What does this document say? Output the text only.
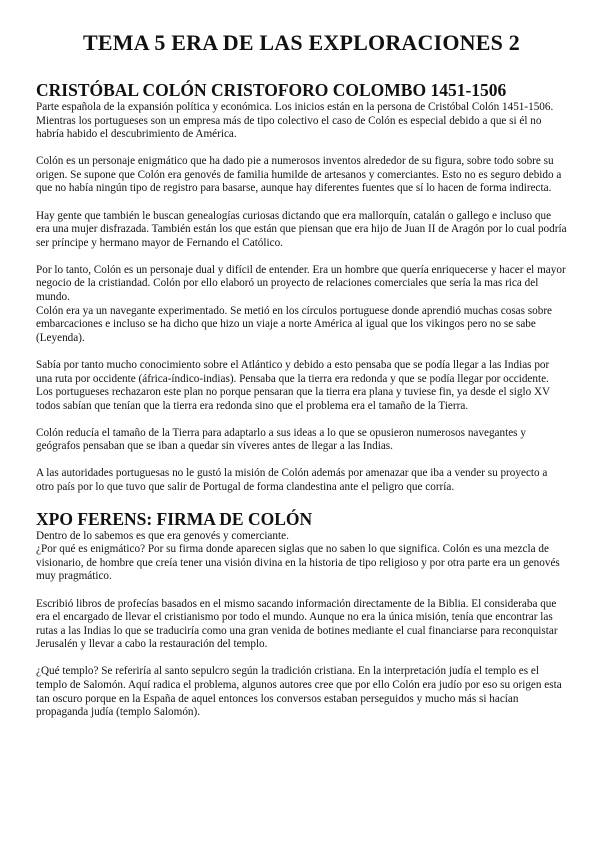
TEMA 5 ERA DE LAS EXPLORACIONES 2
CRISTÓBAL COLÓN CRISTOFORO COLOMBO 1451-1506

Parte española de la expansión política y económica. Los inicios están en la persona de Cristóbal Colón 1451-1506. Mientras los portugueses son un empresa más de tipo colectivo el caso de Colón es especial debido a que si él no habría habido el descubrimiento de América.

Colón es un personaje enigmático que ha dado pie a numerosos inventos alrededor de su figura, sobre todo sobre su origen. Se supone que Colón era genovés de familia humilde de artesanos y comerciantes. Esto no es seguro debido a que no había ningún tipo de registro para basarse, aunque hay diferentes fuentes que sí lo hacen de forma indirecta.

Hay gente que también le buscan genealogías curiosas dictando que era mallorquín, catalán o gallego e incluso que era una mujer disfrazada. También están los que están que piensan que era hijo de Juan II de Aragón por lo cual podría ser príncipe y hermano mayor de Fernando el Católico.

Por lo tanto, Colón es un personaje dual y difícil de entender. Era un hombre que quería enriquecerse y hacer el mayor negocio de la cristiandad. Colón por ello elaboró un proyecto de relaciones comerciales que sería la mas rica del mundo.

Colón era ya un navegante experimentado. Se metió en los círculos portuguese donde aprendió muchas cosas sobre embarcaciones e incluso se ha dicho que hizo un viaje a norte América al igual que los vikingos pero no se sabe (Leyenda).

Sabía por tanto mucho conocimiento sobre el Atlántico y debido a esto pensaba que se podía llegar a las Indias por una ruta por occidente (áfrica-índico-indias). Pensaba que la tierra era redonda y que se podía llegar por occidente. Los portugueses rechazaron este plan no porque pensaran que la tierra era plana y tuviese fin, ya desde el siglo XV todos sabían que tenían que la tierra era redonda sino que el problema era el tamaño de la Tierra.

Colón reducía el tamaño de la Tierra para adaptarlo a sus ideas a lo que se opusieron numerosos navegantes y geógrafos pensaban que se iban a quedar sin víveres antes de llegar a las Indias.

A las autoridades portuguesas no le gustó la misión de Colón además por amenazar que iba a vender su proyecto a otro país por lo que tuvo que salir de Portugal de forma clandestina ante el peligro que corría.

XPO FERENS: FIRMA DE COLÓN

Dentro de lo sabemos es que era genovés y comerciante.

¿Por qué es enigmático? Por su firma donde aparecen siglas que no saben lo que significa. Colón es una mezcla de visionario, de hombre que creía tener una visión divina en la historia de tipo religioso y por otra parte era un genovés muy pragmático.

Escribió libros de profecías basados en el mismo sacando información directamente de la Biblia. El consideraba que era el encargado de llevar el cristianismo por todo el mundo. Aunque no era la única misión, tenía que encontrar las rutas a las Indias lo que se traduciría como una gran venida de botines mediante el cual financiarse para reconquistar Jerusalén y llevar a cabo la restauración del templo.

¿Qué templo? Se referiría al santo sepulcro según la tradición cristiana. En la interpretación judía el templo es el templo de Salomón. Aquí radica el problema, algunos autores cree que por ello Colón era judío por eso su origen esta tan oscuro porque en la España de aquel entonces los conversos estaban perseguidos y mucho más si hacían propaganda judía (templo Salomón).
